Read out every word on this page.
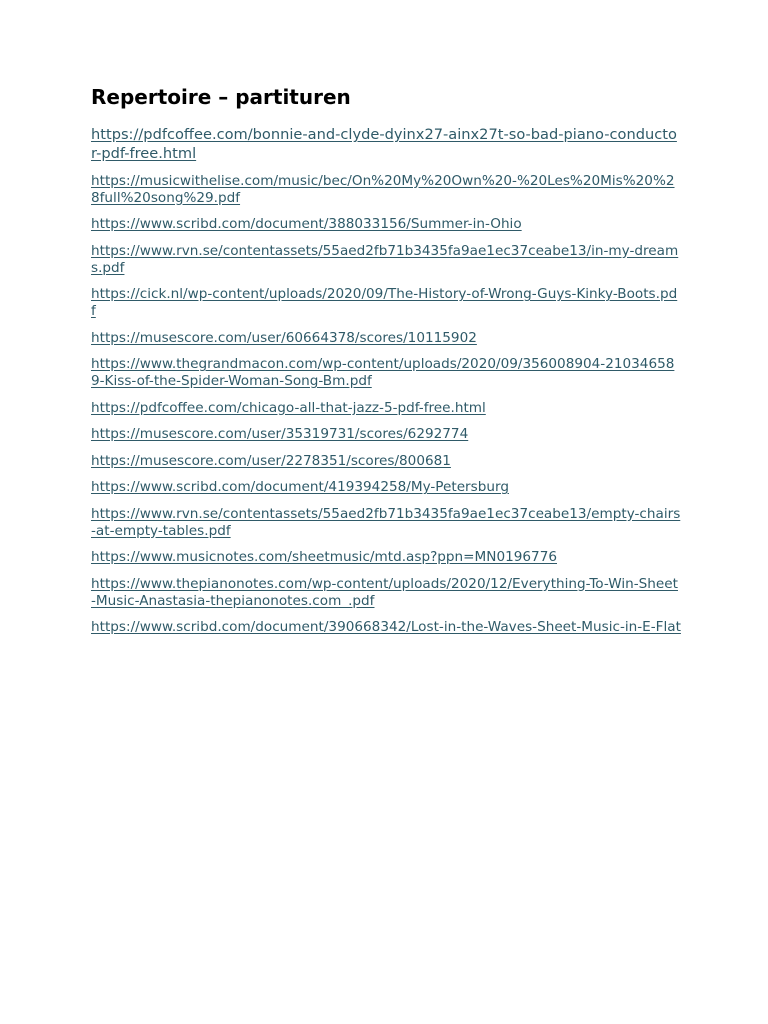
Repertoire – partituren
https://pdfcoffee.com/bonnie-and-clyde-dyinx27-ainx27t-so-bad-piano-conductor-pdf-free.html
https://musicwithelise.com/music/bec/On%20My%20Own%20-%20Les%20Mis%20%28full%20song%29.pdf
https://www.scribd.com/document/388033156/Summer-in-Ohio
https://www.rvn.se/contentassets/55aed2fb71b3435fa9ae1ec37ceabe13/in-my-dreams.pdf
https://cick.nl/wp-content/uploads/2020/09/The-History-of-Wrong-Guys-Kinky-Boots.pdf
https://musescore.com/user/60664378/scores/10115902
https://www.thegrandmacon.com/wp-content/uploads/2020/09/356008904-210346589-Kiss-of-the-Spider-Woman-Song-Bm.pdf
https://pdfcoffee.com/chicago-all-that-jazz-5-pdf-free.html
https://musescore.com/user/35319731/scores/6292774
https://musescore.com/user/2278351/scores/800681
https://www.scribd.com/document/419394258/My-Petersburg
https://www.rvn.se/contentassets/55aed2fb71b3435fa9ae1ec37ceabe13/empty-chairs-at-empty-tables.pdf
https://www.musicnotes.com/sheetmusic/mtd.asp?ppn=MN0196776
https://www.thepianonotes.com/wp-content/uploads/2020/12/Everything-To-Win-Sheet-Music-Anastasia-thepianonotes.com_.pdf
https://www.scribd.com/document/390668342/Lost-in-the-Waves-Sheet-Music-in-E-Flat
